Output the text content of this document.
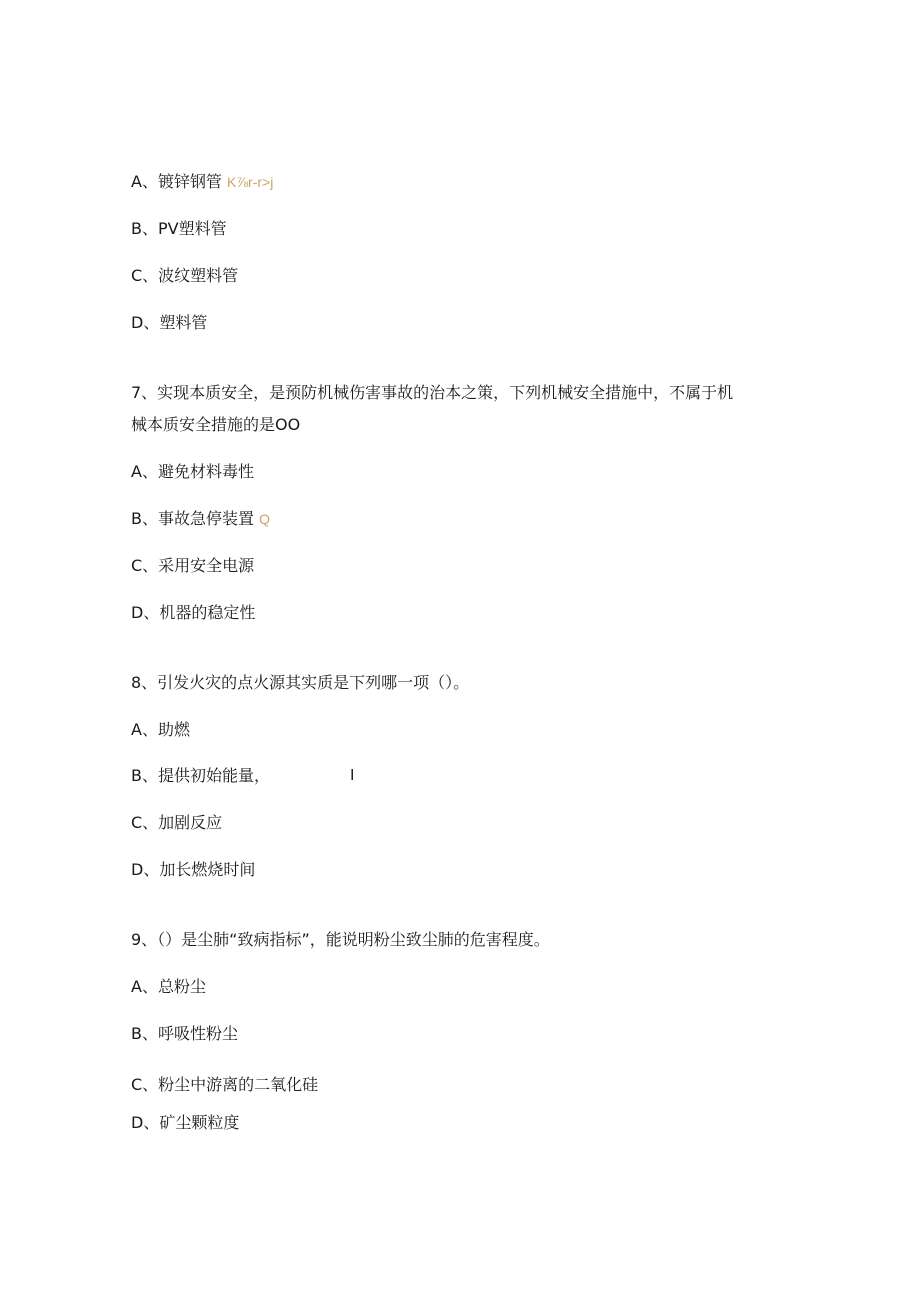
A、镀锌钢管 K⅞r-r>j
B、PV塑料管
C、波纹塑料管
D、塑料管
7、实现本质安全，是预防机械伤害事故的治本之策，下列机械安全措施中，不属于机
械本质安全措施的是OO
A、避免材料毒性
B、事故急停装置 Q
C、采用安全电源
D、机器的稳定性
8、引发火灾的点火源其实质是下列哪一项（）。
A、助燃
B、提供初始能量，	I
C、加剧反应
D、加长燃烧时间
9、（）是尘肺“致病指标”，能说明粉尘致尘肺的危害程度。
A、总粉尘
B、呼吸性粉尘
C、粉尘中游离的二氧化硅
D、矿尘颗粒度
